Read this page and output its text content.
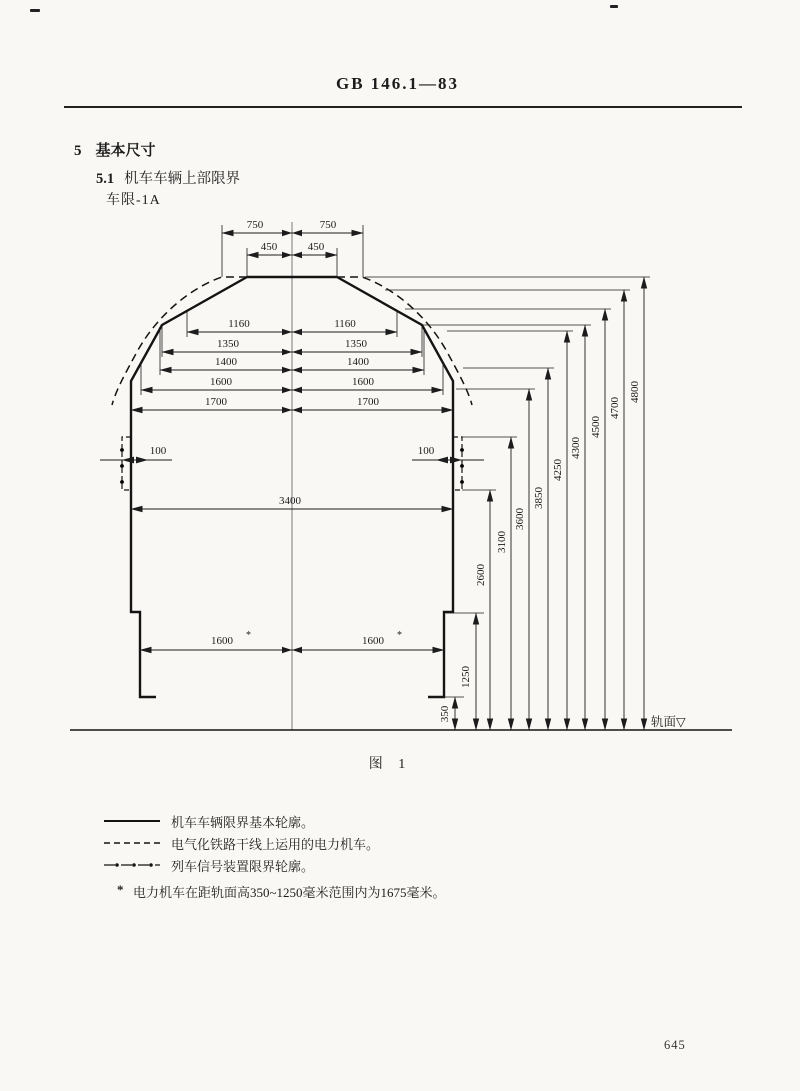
GB 146.1—83
5 基本尺寸
5.1 机车车辆上部限界
车限-1A
100	100
750	750
450	450
1160	1160
1350	1350
1400	1400
1600	1600
1700	1700
3400
1600 *	1600 *
1250
350
2600
3100
3600
3850
4250
4300
4500
4700
4800
轨面▽
图 1
机车车辆限界基本轮廓。
电气化铁路干线上运用的电力机车。
列车信号装置限界轮廓。
* 电力机车在距轨面高350~1250毫米范围内为1675毫米。
645
